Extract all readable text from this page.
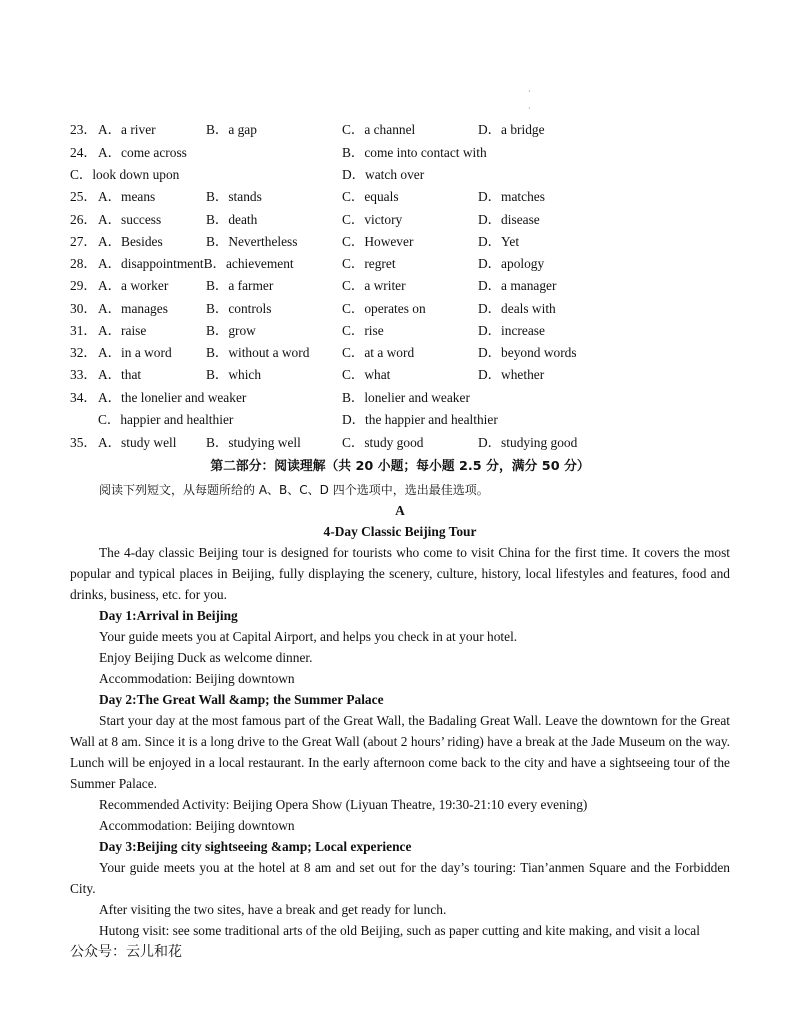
·
·
23． A．a river	B．a gap	C．a channel	D．a bridge
24． A．come across	B．come into contact with
C．look down upon	D．watch over
25． A．means	B．stands	C．equals	D．matches
26． A．success	B．death	C．victory	D．disease
27． A．Besides	B．Nevertheless	C．However	D．Yet
28． A．disappointmentB．achievement	C．regret	D．apology
29． A．a worker	B．a farmer	C．a writer	D．a manager
30． A．manages	B．controls	C．operates on	D．deals with
31． A．raise	B．grow	C．rise	D．increase
32． A．in a word	B．without a word C．at a word	D．beyond words
33． A．that	B．which	C．what	D．whether
34． A．the lonelier and weaker	B．lonelier and weaker
C．happier and healthier	D．the happier and healthier
35． A．study well B．studying well	C．study good	D．studying good
第二部分：阅读理解（共 20 小题；每小题 2.5 分，满分 50 分）
阅读下列短文，从每题所给的 A、B、C、D 四个选项中，选出最佳选项。
A
4-Day Classic Beijing Tour

The 4-day classic Beijing tour is designed for tourists who come to visit China for the first time. It covers the most popular and typical places in Beijing, fully displaying the scenery, culture, history, local lifestyles and features, food and drinks, business, etc. for you.

Day 1:Arrival in Beijing

Your guide meets you at Capital Airport, and helps you check in at your hotel.

Enjoy Beijing Duck as welcome dinner.

Accommodation: Beijing downtown

Day 2:The Great Wall &amp; the Summer Palace

Start your day at the most famous part of the Great Wall, the Badaling Great Wall. Leave the downtown for the Great Wall at 8 am. Since it is a long drive to the Great Wall (about 2 hours’ riding) have a break at the Jade Museum on the way. Lunch will be enjoyed in a local restaurant. In the early afternoon come back to the city and have a sightseeing tour of the Summer Palace.

Recommended Activity: Beijing Opera Show (Liyuan Theatre, 19:30-21:10 every evening)

Accommodation: Beijing downtown

Day 3:Beijing city sightseeing &amp; Local experience

Your guide meets you at the hotel at 8 am and set out for the day’s touring: Tian’anmen Square and the Forbidden City.

After visiting the two sites, have a break and get ready for lunch.

Hutong visit: see some traditional arts of the old Beijing, such as paper cutting and kite making, and visit a local

公众号：云儿和花
